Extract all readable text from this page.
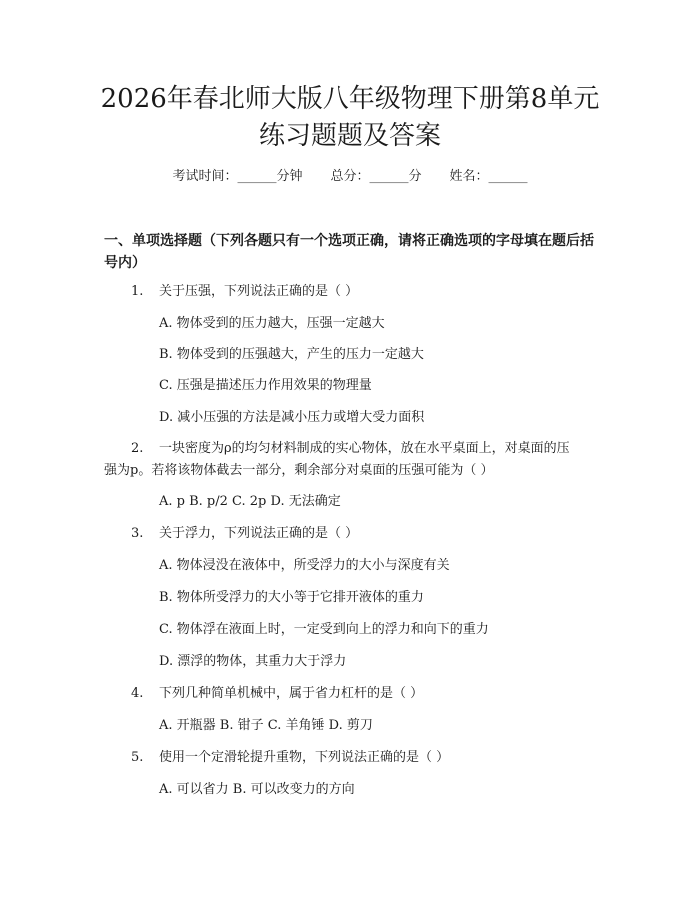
2026年春北师大版八年级物理下册第8单元
练习题题及答案
考试时间：______分钟 总分：______分 姓名：______
一、单项选择题（下列各题只有一个选项正确，请将正确选项的字母填在题后括
号内）
1. 关于压强，下列说法正确的是（ ）
A. 物体受到的压力越大，压强一定越大
B. 物体受到的压强越大，产生的压力一定越大
C. 压强是描述压力作用效果的物理量
D. 减小压强的方法是减小压力或增大受力面积
2. 一块密度为ρ的均匀材料制成的实心物体，放在水平桌面上，对桌面的压
强为p。若将该物体截去一部分，剩余部分对桌面的压强可能为（ ）
A. p B. p/2 C. 2p D. 无法确定
3. 关于浮力，下列说法正确的是（ ）
A. 物体浸没在液体中，所受浮力的大小与深度有关
B. 物体所受浮力的大小等于它排开液体的重力
C. 物体浮在液面上时，一定受到向上的浮力和向下的重力
D. 漂浮的物体，其重力大于浮力
4. 下列几种简单机械中，属于省力杠杆的是（ ）
A. 开瓶器 B. 钳子 C. 羊角锤 D. 剪刀
5. 使用一个定滑轮提升重物，下列说法正确的是（ ）
A. 可以省力 B. 可以改变力的方向
